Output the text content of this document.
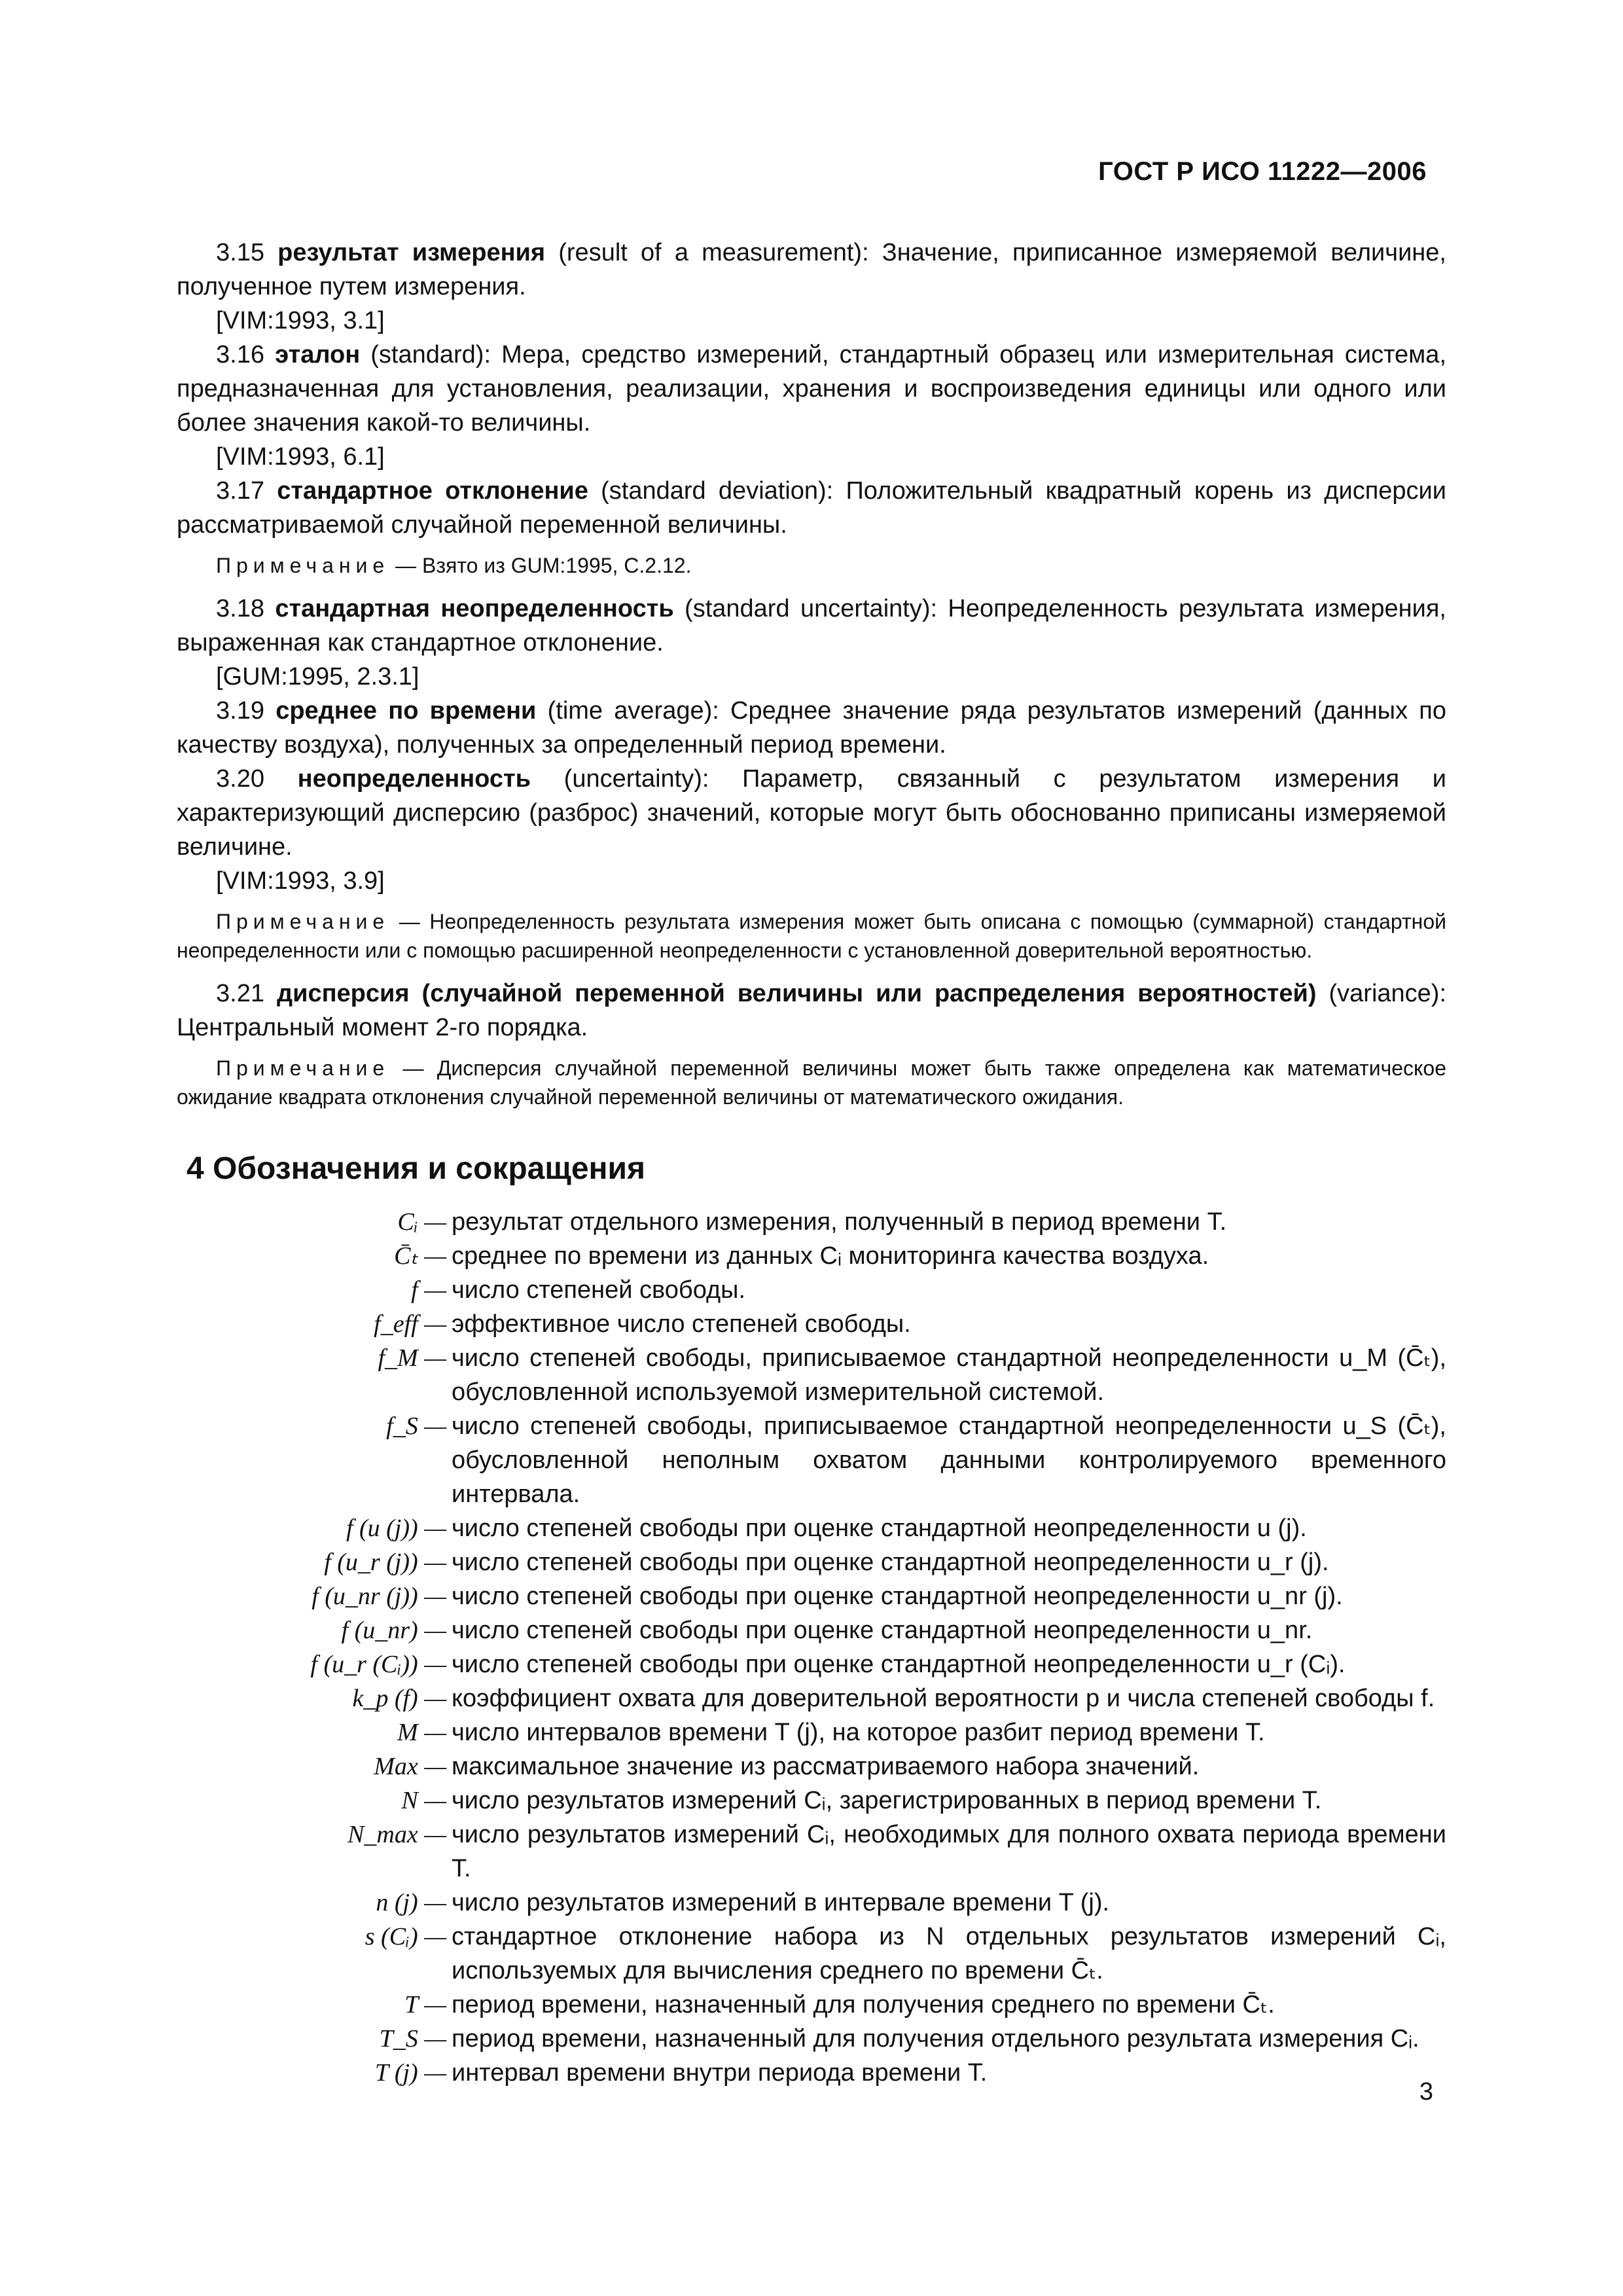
ГОСТ Р ИСО 11222—2006

3.15 результат измерения (result of a measurement): Значение, приписанное измеряемой величине, полученное путем измерения.

[VIM:1993, 3.1]

3.16 эталон (standard): Мера, средство измерений, стандартный образец или измерительная система, предназначенная для установления, реализации, хранения и воспроизведения единицы или одного или более значения какой-то величины.

[VIM:1993, 6.1]

3.17 стандартное отклонение (standard deviation): Положительный квадратный корень из дисперсии рассматриваемой случайной переменной величины.

Примечание — Взято из GUM:1995, C.2.12.

3.18 стандартная неопределенность (standard uncertainty): Неопределенность результата измерения, выраженная как стандартное отклонение.

[GUM:1995, 2.3.1]

3.19 среднее по времени (time average): Среднее значение ряда результатов измерений (данных по качеству воздуха), полученных за определенный период времени.

3.20 неопределенность (uncertainty): Параметр, связанный с результатом измерения и характеризующий дисперсию (разброс) значений, которые могут быть обоснованно приписаны измеряемой величине.

[VIM:1993, 3.9]

Примечание — Неопределенность результата измерения может быть описана с помощью (суммарной) стандартной неопределенности или с помощью расширенной неопределенности с установленной доверительной вероятностью.

3.21 дисперсия (случайной переменной величины или распределения вероятностей) (variance): Центральный момент 2-го порядка.

Примечание — Дисперсия случайной переменной величины может быть также определена как математическое ожидание квадрата отклонения случайной переменной величины от математического ожидания.

4 Обозначения и сокращения
Cᵢ — результат отдельного измерения, полученный в период времени T.
C̄ₜ — среднее по времени из данных Cᵢ мониторинга качества воздуха.
f — число степеней свободы.
f_eff — эффективное число степеней свободы.
f_M — число степеней свободы, приписываемое стандартной неопределенности u_M (C̄ₜ), обусловленной используемой измерительной системой.
f_S — число степеней свободы, приписываемое стандартной неопределенности u_S (C̄ₜ), обусловленной неполным охватом данными контролируемого временного интервала.
f (u (j)) — число степеней свободы при оценке стандартной неопределенности u (j).
f (u_r (j)) — число степеней свободы при оценке стандартной неопределенности u_r (j).
f (u_nr (j)) — число степеней свободы при оценке стандартной неопределенности u_nr (j).
f (u_nr) — число степеней свободы при оценке стандартной неопределенности u_nr.
f (u_r (Cᵢ)) — число степеней свободы при оценке стандартной неопределенности u_r (Cᵢ).
k_p (f) — коэффициент охвата для доверительной вероятности p и числа степеней свободы f.
M — число интервалов времени T (j), на которое разбит период времени T.
Max — максимальное значение из рассматриваемого набора значений.
N — число результатов измерений Cᵢ, зарегистрированных в период времени T.
N_max — число результатов измерений Cᵢ, необходимых для полного охвата периода времени T.
n (j) — число результатов измерений в интервале времени T (j).
s (Cᵢ) — стандартное отклонение набора из N отдельных результатов измерений Cᵢ, используемых для вычисления среднего по времени C̄ₜ.
T — период времени, назначенный для получения среднего по времени C̄ₜ.
T_S — период времени, назначенный для получения отдельного результата измерения Cᵢ.
T (j) — интервал времени внутри периода времени T.
3
